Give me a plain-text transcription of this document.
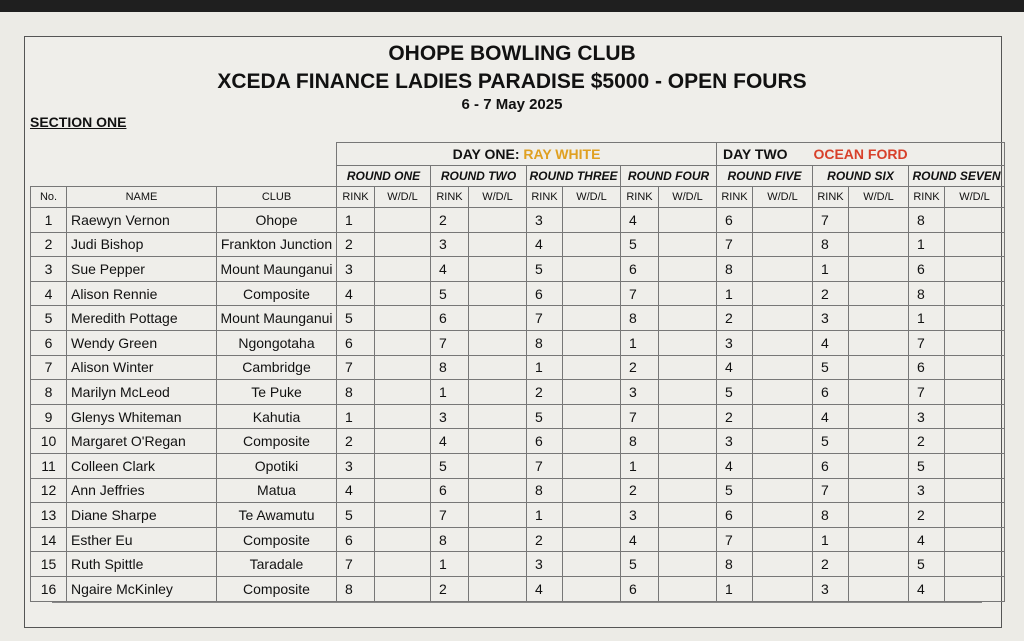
OHOPE BOWLING CLUB
XCEDA FINANCE LADIES PARADISE $5000 - OPEN FOURS
6 - 7 May 2025
SECTION ONE
			DAY ONE: RAY WHITE								DAY TWO OCEAN FORD					
			ROUND ONE		ROUND TWO		ROUND THREE		ROUND FOUR		ROUND FIVE		ROUND SIX		ROUND SEVEN	
No.	NAME	CLUB	RINK	W/D/L	RINK	W/D/L	RINK	W/D/L	RINK	W/D/L	RINK	W/D/L	RINK	W/D/L	RINK	W/D/L
1	Raewyn Vernon	Ohope	1		2		3		4		6		7		8	
2	Judi Bishop	Frankton Junction	2		3		4		5		7		8		1	
3	Sue Pepper	Mount Maunganui	3		4		5		6		8		1		6	
4	Alison Rennie	Composite	4		5		6		7		1		2		8	
5	Meredith Pottage	Mount Maunganui	5		6		7		8		2		3		1	
6	Wendy Green	Ngongotaha	6		7		8		1		3		4		7	
7	Alison Winter	Cambridge	7		8		1		2		4		5		6	
8	Marilyn McLeod	Te Puke	8		1		2		3		5		6		7	
9	Glenys Whiteman	Kahutia	1		3		5		7		2		4		3	
10	Margaret O'Regan	Composite	2		4		6		8		3		5		2	
11	Colleen Clark	Opotiki	3		5		7		1		4		6		5	
12	Ann Jeffries	Matua	4		6		8		2		5		7		3	
13	Diane Sharpe	Te Awamutu	5		7		1		3		6		8		2	
14	Esther Eu	Composite	6		8		2		4		7		1		4	
15	Ruth Spittle	Taradale	7		1		3		5		8		2		5	
16	Ngaire McKinley	Composite	8		2		4		6		1		3		4	
